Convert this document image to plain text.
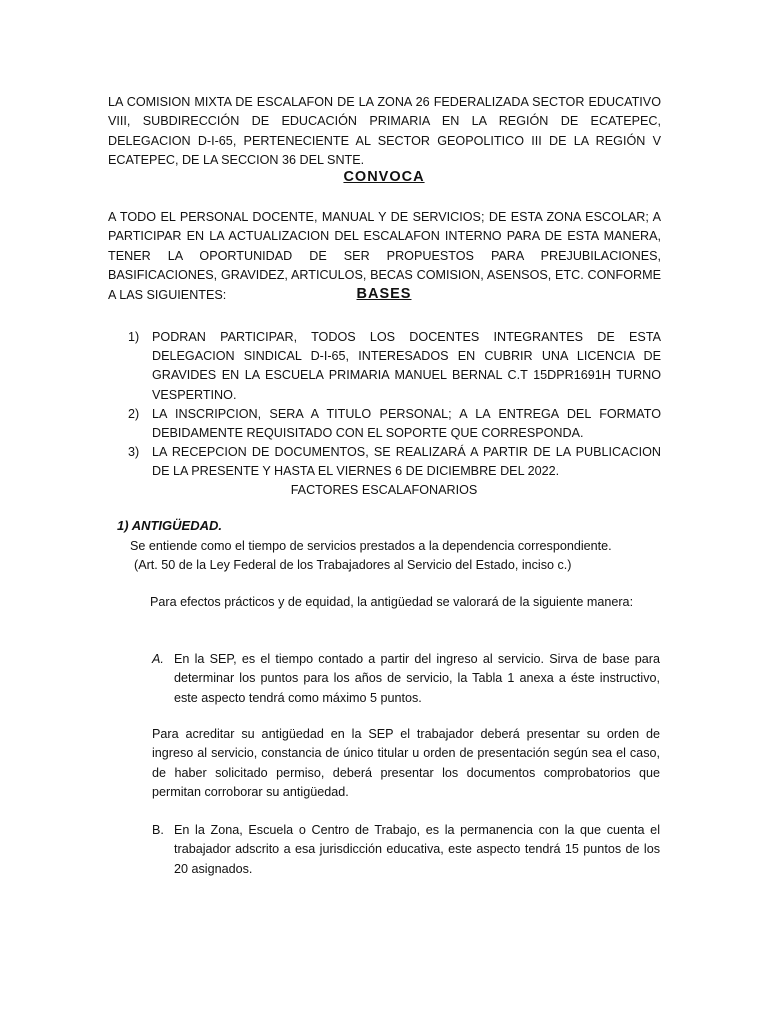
LA COMISION MIXTA DE ESCALAFON DE LA ZONA 26 FEDERALIZADA SECTOR EDUCATIVO VIII, SUBDIRECCIÓN DE EDUCACIÓN PRIMARIA EN LA REGIÓN DE ECATEPEC, DELEGACION D-I-65, PERTENECIENTE AL SECTOR GEOPOLITICO III DE LA REGIÓN V ECATEPEC, DE LA SECCION 36 DEL SNTE.

CONVOCA

A TODO EL PERSONAL DOCENTE, MANUAL Y DE SERVICIOS; DE ESTA ZONA ESCOLAR; A PARTICIPAR EN LA ACTUALIZACION DEL ESCALAFON INTERNO PARA DE ESTA MANERA, TENER LA OPORTUNIDAD DE SER PROPUESTOS PARA PREJUBILACIONES, BASIFICACIONES, GRAVIDEZ, ARTICULOS, BECAS COMISION, ASENSOS, ETC. CONFORME A LAS SIGUIENTES:	BASES
1)	PODRAN PARTICIPAR, TODOS LOS DOCENTES INTEGRANTES DE ESTA DELEGACION SINDICAL D-I-65, INTERESADOS EN CUBRIR UNA LICENCIA DE GRAVIDES EN LA ESCUELA PRIMARIA MANUEL BERNAL C.T 15DPR1691H TURNO VESPERTINO.
2)	LA INSCRIPCION, SERA A TITULO PERSONAL; A LA ENTREGA DEL FORMATO DEBIDAMENTE REQUISITADO CON EL SOPORTE QUE CORRESPONDA.
3)	LA RECEPCION DE DOCUMENTOS, SE REALIZARÁ A PARTIR DE LA PUBLICACION DE LA PRESENTE Y HASTA EL VIERNES 6 DE DICIEMBRE DEL 2022.

FACTORES ESCALAFONARIOS

1) ANTIGÜEDAD.

Se entiende como el tiempo de servicios prestados a la dependencia correspondiente.

(Art. 50 de la Ley Federal de los Trabajadores al Servicio del Estado, inciso c.)

Para efectos prácticos y de equidad, la antigüedad se valorará de la siguiente manera:

A. En la SEP, es el tiempo contado a partir del ingreso al servicio. Sirva de base para determinar los puntos para los años de servicio, la Tabla 1 anexa a éste instructivo, este aspecto tendrá como máximo 5 puntos.

Para acreditar su antigüedad en la SEP el trabajador deberá presentar su orden de ingreso al servicio, constancia de único titular u orden de presentación según sea el caso, de haber solicitado permiso, deberá presentar los documentos comprobatorios que permitan corroborar su antigüedad.

B. En la Zona, Escuela o Centro de Trabajo, es la permanencia con la que cuenta el trabajador adscrito a esa jurisdicción educativa, este aspecto tendrá 15 puntos de los 20 asignados.
